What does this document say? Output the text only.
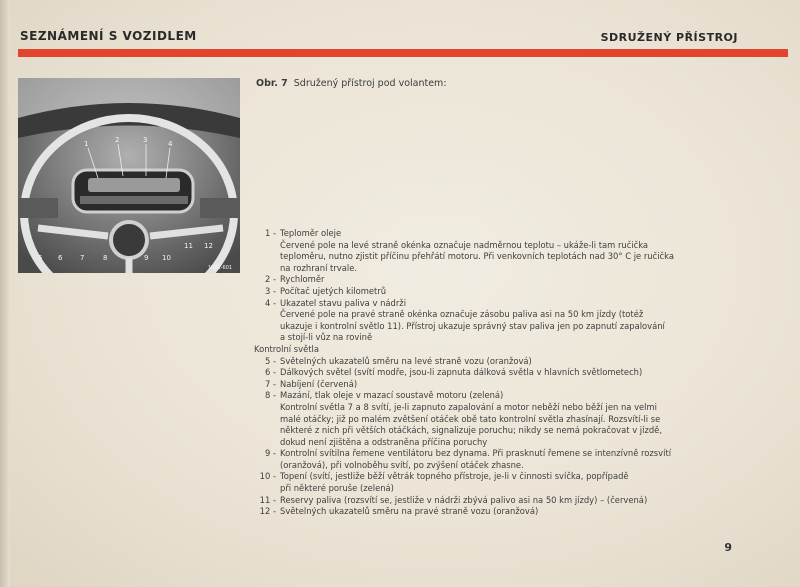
SEZNÁMENÍ S VOZIDLEM	SDRUŽENÝ PŘÍSTROJ
1	2	3	4
5 6	7	8	9 10
11 12
1081-601
Obr. 7 Sdružený přístroj pod volantem:
1 - Teploměr oleje
Červené pole na levé straně okénka označuje nadměrnou teplotu – ukáže-li tam ručička
teploměru, nutno zjistit příčinu přehřátí motoru. Při venkovních teplotách nad 30° C je ručička
na rozhraní trvale.
2 - Rychloměr
3 - Počítač ujetých kilometrů
4 - Ukazatel stavu paliva v nádrži
Červené pole na pravé straně okénka označuje zásobu paliva asi na 50 km jízdy (totéž
ukazuje i kontrolní světlo 11). Přístroj ukazuje správný stav paliva jen po zapnutí zapalování
a stojí-li vůz na rovině
Kontrolní světla
5 - Světelných ukazatelů směru na levé straně vozu (oranžová)
6 - Dálkových světel (svítí modře, jsou-li zapnuta dálková světla v hlavních světlometech)
7 - Nabíjení (červená)
8 - Mazání, tlak oleje v mazací soustavě motoru (zelená)
Kontrolní světla 7 a 8 svítí, je-li zapnuto zapalování a motor neběží nebo běží jen na velmi
malé otáčky; již po malém zvětšení otáček obě tato kontrolní světla zhasínají. Rozsvítí-li se
některé z nich při větších otáčkách, signalizuje poruchu; nikdy se nemá pokračovat v jízdě,
dokud není zjištěna a odstraněna příčina poruchy
9 - Kontrolní svítilna řemene ventilátoru bez dynama. Při prasknutí řemene se intenzívně rozsvítí
(oranžová), při volnoběhu svítí, po zvýšení otáček zhasne.
10 - Topení (svítí, jestliže běží větrák topného přístroje, je-li v činnosti svíčka, popřípadě
při některé poruše (zelená)
11 - Reservy paliva (rozsvítí se, jestliže v nádrži zbývá palivo asi na 50 km jízdy) – (červená)
12 - Světelných ukazatelů směru na pravé straně vozu (oranžová)
9
